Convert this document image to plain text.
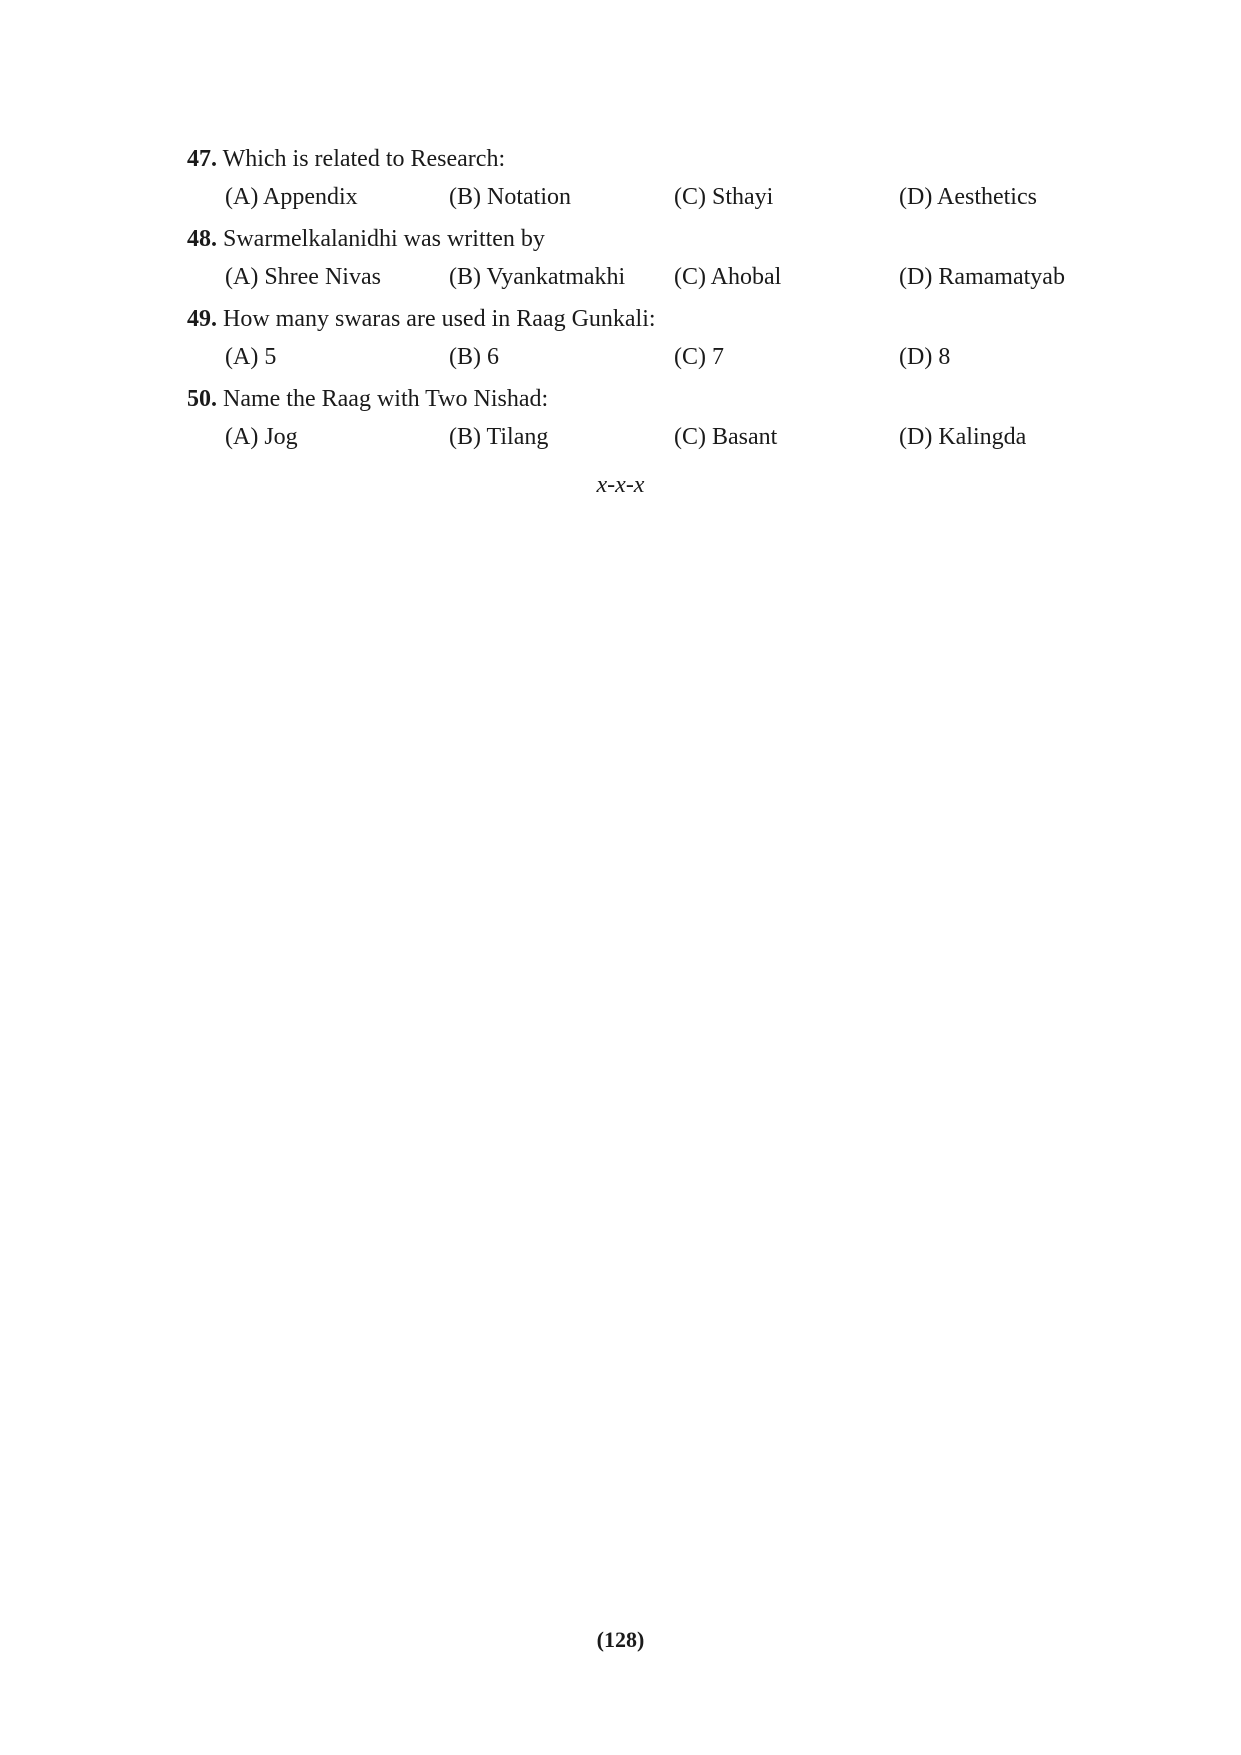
47. Which is related to Research:
(A) Appendix	(B) Notation	(C) Sthayi	(D) Aesthetics
48. Swarmelkalanidhi was written by
(A) Shree Nivas	(B) Vyankatmakhi (C) Ahobal	(D) Ramamatyab
49. How many swaras are used in Raag Gunkali:
(A) 5	(B) 6	(C) 7	(D) 8
50. Name the Raag with Two Nishad:
(A) Jog	(B) Tilang	(C) Basant	(D) Kalingda
x-x-x
(128)
